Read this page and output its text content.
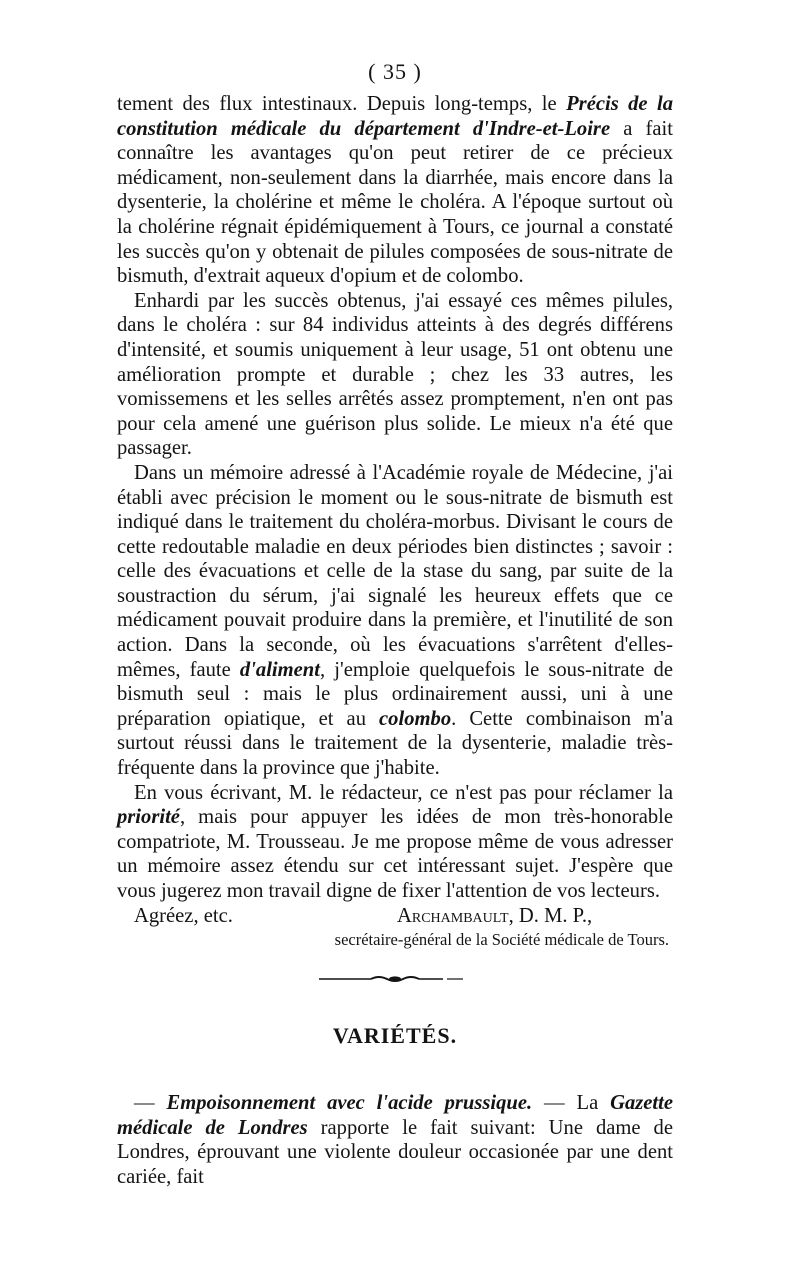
( 35 )

tement des flux intestinaux. Depuis long-temps, le Précis de la constitution médicale du département d'Indre-et-Loire a fait connaître les avantages qu'on peut retirer de ce précieux médicament, non-seulement dans la diarrhée, mais encore dans la dysenterie, la cholérine et même le choléra. A l'époque surtout où la cholérine régnait épidémiquement à Tours, ce journal a constaté les succès qu'on y obtenait de pilules composées de sous-nitrate de bismuth, d'extrait aqueux d'opium et de colombo.

Enhardi par les succès obtenus, j'ai essayé ces mêmes pilules, dans le choléra : sur 84 individus atteints à des degrés différens d'intensité, et soumis uniquement à leur usage, 51 ont obtenu une amélioration prompte et durable ; chez les 33 autres, les vomissemens et les selles arrêtés assez promptement, n'en ont pas pour cela amené une guérison plus solide. Le mieux n'a été que passager.

Dans un mémoire adressé à l'Académie royale de Médecine, j'ai établi avec précision le moment ou le sous-nitrate de bismuth est indiqué dans le traitement du choléra-morbus. Divisant le cours de cette redoutable maladie en deux périodes bien distinctes ; savoir : celle des évacuations et celle de la stase du sang, par suite de la soustraction du sérum, j'ai signalé les heureux effets que ce médicament pouvait produire dans la première, et l'inutilité de son action. Dans la seconde, où les évacuations s'arrêtent d'elles-mêmes, faute d'aliment, j'emploie quelquefois le sous-nitrate de bismuth seul : mais le plus ordinairement aussi, uni à une préparation opiatique, et au colombo. Cette combinaison m'a surtout réussi dans le traitement de la dysenterie, maladie très-fréquente dans la province que j'habite.

En vous écrivant, M. le rédacteur, ce n'est pas pour réclamer la priorité, mais pour appuyer les idées de mon très-honorable compatriote, M. Trousseau. Je me propose même de vous adresser un mémoire assez étendu sur cet intéressant sujet. J'espère que vous jugerez mon travail digne de fixer l'attention de vos lecteurs.

Agréez, etc.	Archambault, D. M. P.,
secrétaire-général de la Société médicale de Tours.
VARIÉTÉS.

— Empoisonnement avec l'acide prussique. — La Gazette médicale de Londres rapporte le fait suivant: Une dame de Londres, éprouvant une violente douleur occasionée par une dent cariée, fait
